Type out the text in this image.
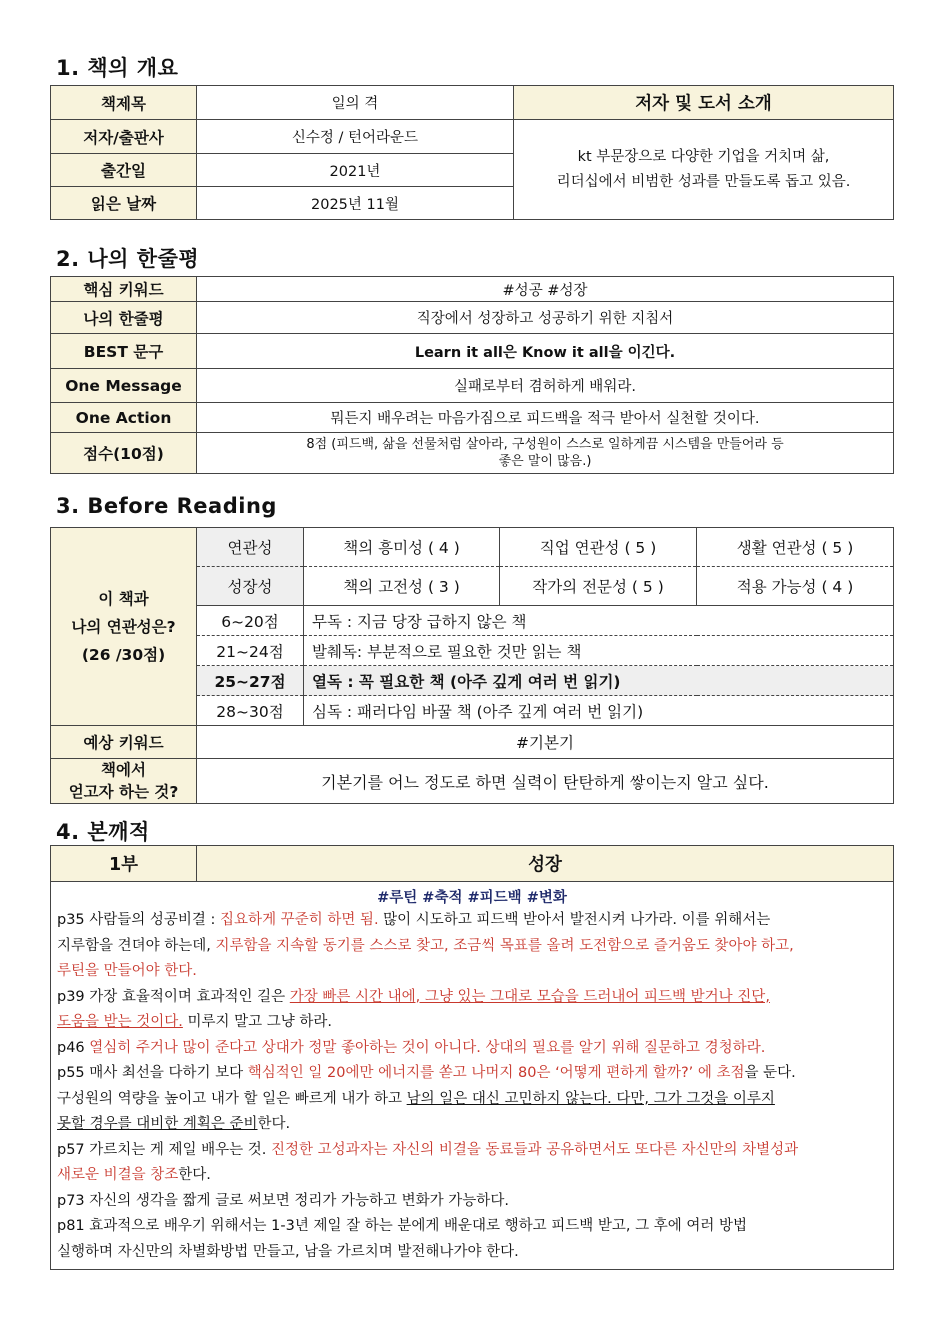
1. 책의 개요
책제목	일의 격	저자 및 도서 소개
저자/출판사	신수정 / 턴어라운드	kt 부문장으로 다양한 기업을 거치며 삶,
리더십에서 비범한 성과를 만들도록 돕고 있음.

출간일	2021년	
읽은 날짜	2025년 11월	
2. 나의 한줄평
핵심 키워드	#성공 #성장
나의 한줄평	직장에서 성장하고 성공하기 위한 지침서
BEST 문구	Learn it all은 Know it all을 이긴다.
One Message	실패로부터 겸허하게 배워라.
One Action	뭐든지 배우려는 마음가짐으로 피드백을 적극 받아서 실천할 것이다.
점수(10점)	8점 (피드백, 삶을 선물처럼 살아라, 구성원이 스스로 일하게끔 시스템을 만들어라 등
좋은 말이 많음.)
3. Before Reading
이 책과
나의 연관성은?
(26 /30점)	연관성	책의 흥미성 ( 4 )	직업 연관성 ( 5 )	생활 연관성 ( 5 )
	성장성	책의 고전성 ( 3 )	작가의 전문성 ( 5 )	적용 가능성 ( 4 )
	6~20점	무독 : 지금 당장 급하지 않은 책		
	21~24점	발췌독: 부분적으로 필요한 것만 읽는 책		
	25~27점	열독 : 꼭 필요한 책 (아주 깊게 여러 번 읽기)		
	28~30점	심독 : 패러다임 바꿀 책 (아주 깊게 여러 번 읽기)		
예상 키워드	#기본기			

책에서
얻고자 하는 것?	기본기를 어느 정도로 하면 실력이 탄탄하게 쌓이는지 알고 싶다.			
4. 본깨적
1부	성장

#루틴 #축적 #피드백 #변화
p35 사람들의 성공비결 : 집요하게 꾸준히 하면 됨. 많이 시도하고 피드백 받아서 발전시켜 나가라. 이를 위해서는
지루함을 견뎌야 하는데, 지루함을 지속할 동기를 스스로 찾고, 조금씩 목표를 올려 도전함으로 즐거움도 찾아야 하고,
루틴을 만들어야 한다.
p39 가장 효율적이며 효과적인 길은 가장 빠른 시간 내에, 그냥 있는 그대로 모습을 드러내어 피드백 받거나 진단,
도움을 받는 것이다. 미루지 말고 그냥 하라.
p46 열심히 주거나 많이 준다고 상대가 정말 좋아하는 것이 아니다. 상대의 필요를 알기 위해 질문하고 경청하라.
p55 매사 최선을 다하기 보다 핵심적인 일 20에만 에너지를 쏟고 나머지 80은 ‘어떻게 편하게 할까?’ 에 초점을 둔다.
구성원의 역량을 높이고 내가 할 일은 빠르게 내가 하고 남의 일은 대신 고민하지 않는다. 다만, 그가 그것을 이루지
못할 경우를 대비한 계획은 준비한다.
p57 가르치는 게 제일 배우는 것. 진정한 고성과자는 자신의 비결을 동료들과 공유하면서도 또다른 자신만의 차별성과
새로운 비결을 창조한다.
p73 자신의 생각을 짧게 글로 써보면 정리가 가능하고 변화가 가능하다.
p81 효과적으로 배우기 위해서는 1-3년 제일 잘 하는 분에게 배운대로 행하고 피드백 받고, 그 후에 여러 방법
실행하며 자신만의 차별화방법 만들고, 남을 가르치며 발전해나가야 한다.
